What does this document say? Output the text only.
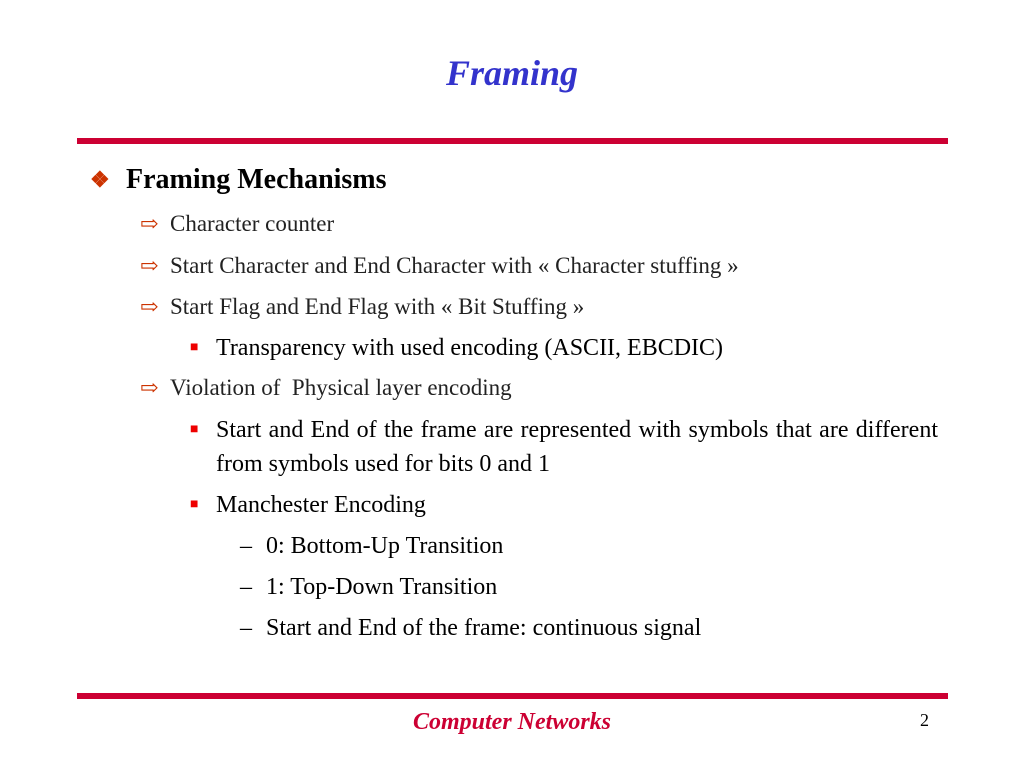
Framing
❖ Framing Mechanisms
⇨ Character counter
⇨ Start Character and End Character with « Character stuffing »
⇨ Start Flag and End Flag with « Bit Stuffing »
■ Transparency with used encoding (ASCII, EBCDIC)
⇨ Violation of  Physical layer encoding
■ Start and End of the frame are represented with symbols that are different from symbols used for bits 0 and 1
■ Manchester Encoding
– 0: Bottom-Up Transition
– 1: Top-Down Transition
– Start and End of the frame: continuous signal
Computer Networks	2
